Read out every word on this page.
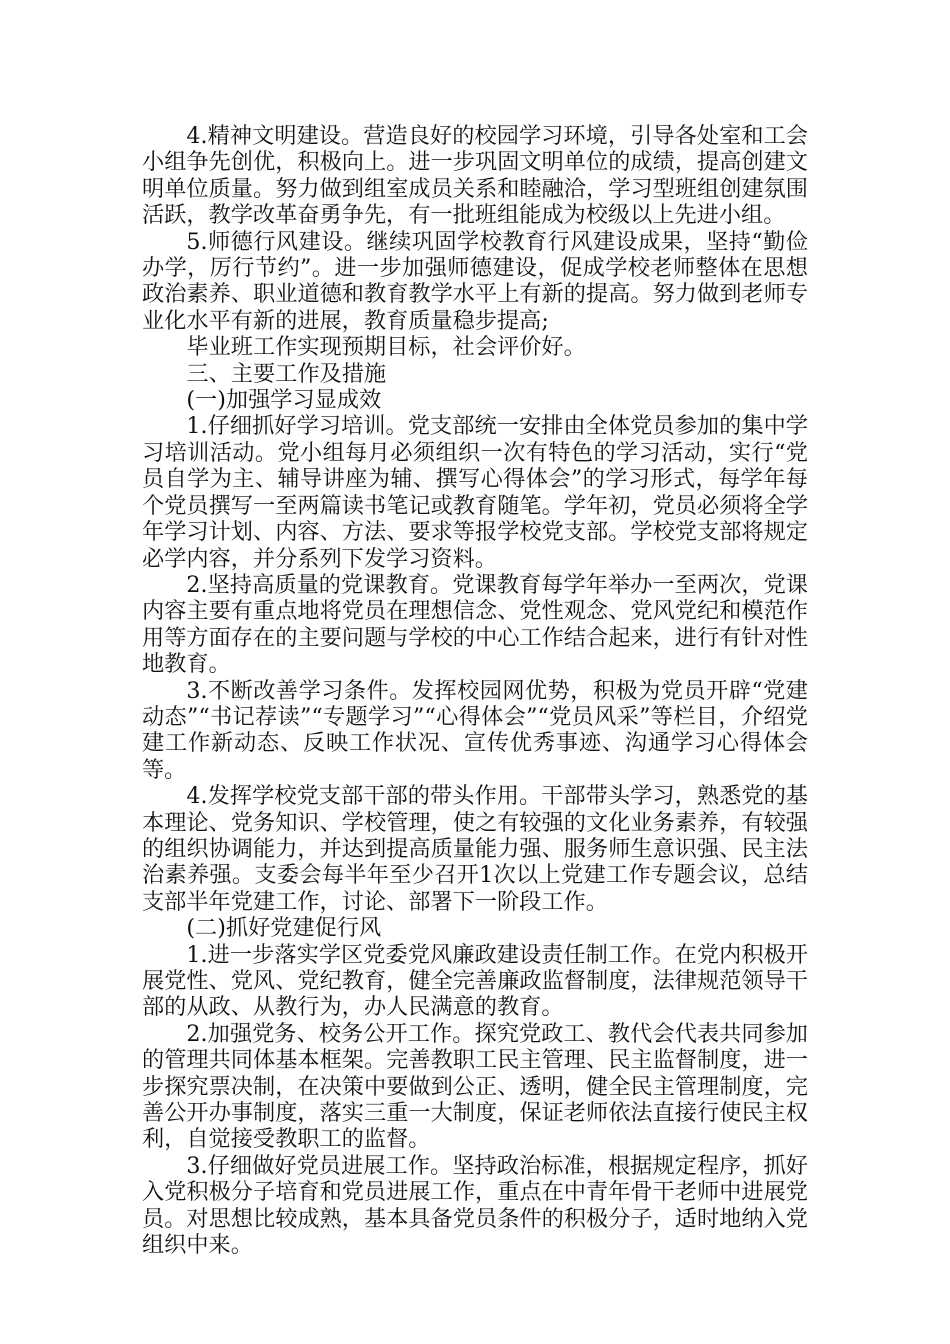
4.精神文明建设。营造良好的校园学习环境，引导各处室和工会小组争先创优，积极向上。进一步巩固文明单位的成绩，提高创建文明单位质量。努力做到组室成员关系和睦融洽，学习型班组创建氛围活跃，教学改革奋勇争先，有一批班组能成为校级以上先进小组。

5.师德行风建设。继续巩固学校教育行风建设成果，坚持“勤俭办学，厉行节约”。进一步加强师德建设，促成学校老师整体在思想政治素养、职业道德和教育教学水平上有新的提高。努力做到老师专业化水平有新的进展，教育质量稳步提高;

毕业班工作实现预期目标，社会评价好。

三、主要工作及措施

(一)加强学习显成效

1.仔细抓好学习培训。党支部统一安排由全体党员参加的集中学习培训活动。党小组每月必须组织一次有特色的学习活动，实行“党员自学为主、辅导讲座为辅、撰写心得体会”的学习形式，每学年每个党员撰写一至两篇读书笔记或教育随笔。学年初，党员必须将全学年学习计划、内容、方法、要求等报学校党支部。学校党支部将规定必学内容，并分系列下发学习资料。

2.坚持高质量的党课教育。党课教育每学年举办一至两次，党课内容主要有重点地将党员在理想信念、党性观念、党风党纪和模范作用等方面存在的主要问题与学校的中心工作结合起来，进行有针对性地教育。

3.不断改善学习条件。发挥校园网优势，积极为党员开辟“党建动态”“书记荐读”“专题学习”“心得体会”“党员风采”等栏目，介绍党建工作新动态、反映工作状况、宣传优秀事迹、沟通学习心得体会等。

4.发挥学校党支部干部的带头作用。干部带头学习，熟悉党的基本理论、党务知识、学校管理，使之有较强的文化业务素养，有较强的组织协调能力，并达到提高质量能力强、服务师生意识强、民主法治素养强。支委会每半年至少召开1次以上党建工作专题会议，总结支部半年党建工作，讨论、部署下一阶段工作。

(二)抓好党建促行风

1.进一步落实学区党委党风廉政建设责任制工作。在党内积极开展党性、党风、党纪教育，健全完善廉政监督制度，法律规范领导干部的从政、从教行为，办人民满意的教育。

2.加强党务、校务公开工作。探究党政工、教代会代表共同参加的管理共同体基本框架。完善教职工民主管理、民主监督制度，进一步探究票决制，在决策中要做到公正、透明，健全民主管理制度，完善公开办事制度，落实三重一大制度，保证老师依法直接行使民主权利，自觉接受教职工的监督。

3.仔细做好党员进展工作。坚持政治标准，根据规定程序，抓好入党积极分子培育和党员进展工作，重点在中青年骨干老师中进展党员。对思想比较成熟，基本具备党员条件的积极分子，适时地纳入党组织中来。
